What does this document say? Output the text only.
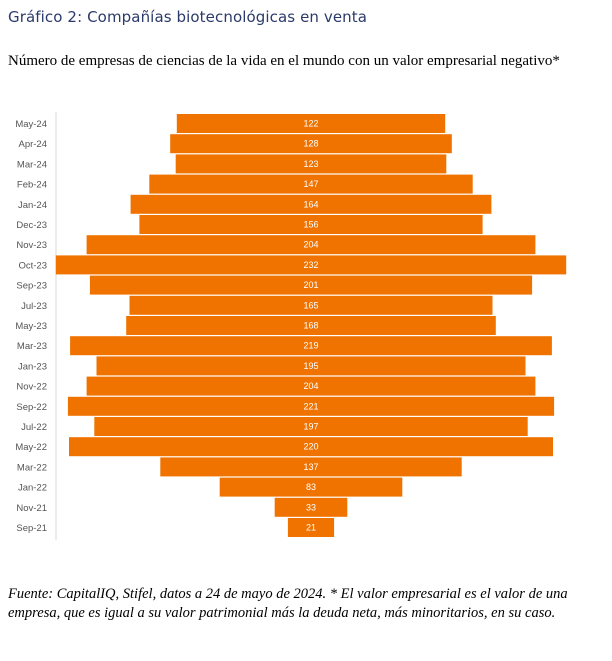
Gráfico 2: Compañías biotecnológicas en venta
Número de empresas de ciencias de la vida en el mundo con un valor empresarial negativo*
May-24	122
Apr-24	128
Mar-24	123
Feb-24	147
Jan-24	164
Dec-23	156
Nov-23	204
Oct-23	232
Sep-23	201
Jul-23	165
May-23	168
Mar-23	219
Jan-23	195
Nov-22	204
Sep-22	221
Jul-22	197
May-22	220
Mar-22	137
Jan-22	83
Nov-21	33
Sep-21	21
Fuente: CapitalIQ, Stifel, datos a 24 de mayo de 2024. * El valor empresarial es el valor de una empresa, que es igual a su valor patrimonial más la deuda neta, más minoritarios, en su caso.
